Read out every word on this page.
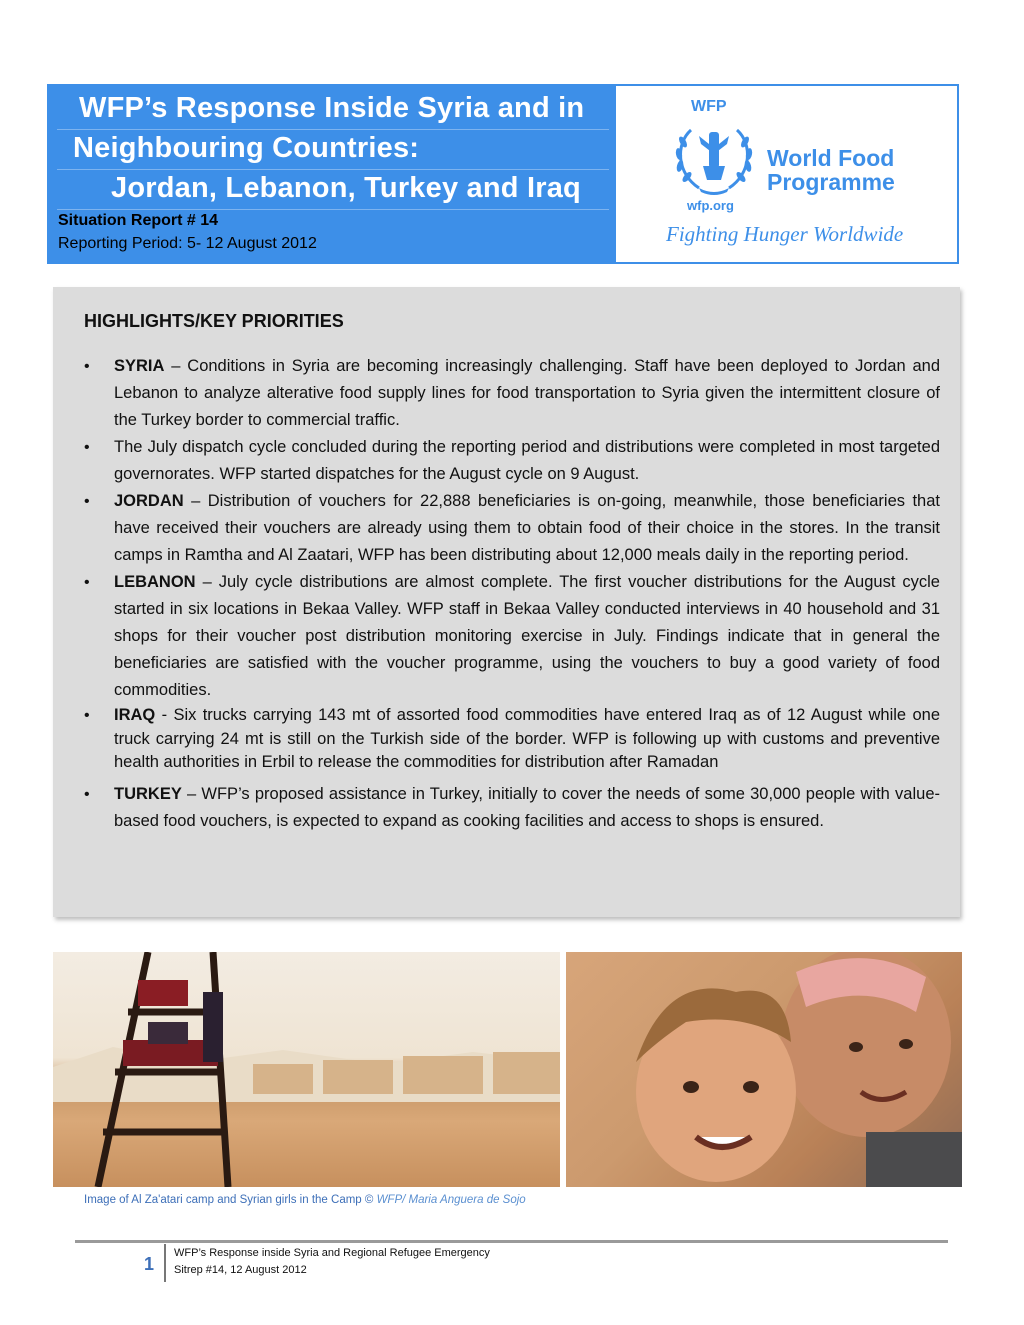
WFP’s Response Inside Syria and in
Neighbouring Countries:
Jordan, Lebanon, Turkey and Iraq
Situation Report # 14
Reporting Period: 5- 12 August 2012
WFP
wfp.org
World Food
Programme
Fighting Hunger Worldwide
HIGHLIGHTS/KEY PRIORITIES
• SYRIA – Conditions in Syria are becoming increasingly challenging. Staff have been deployed to Jordan and Lebanon to analyze alterative food supply lines for food transportation to Syria given the intermittent closure of the Turkey border to commercial traffic.
• The July dispatch cycle concluded during the reporting period and distributions were completed in most targeted governorates. WFP started dispatches for the August cycle on 9 August.
• JORDAN – Distribution of vouchers for 22,888 beneficiaries is on-going, meanwhile, those beneficiaries that have received their vouchers are already using them to obtain food of their choice in the stores. In the transit camps in Ramtha and Al Zaatari, WFP has been distributing about 12,000 meals daily in the reporting period.
• LEBANON – July cycle distributions are almost complete. The first voucher distributions for the August cycle started in six locations in Bekaa Valley. WFP staff in Bekaa Valley conducted interviews in 40 household and 31 shops for their voucher post distribution monitoring exercise in July. Findings indicate that in general the beneficiaries are satisfied with the voucher programme, using the vouchers to buy a good variety of food commodities.
• IRAQ - Six trucks carrying 143 mt of assorted food commodities have entered Iraq as of 12 August while one truck carrying 24 mt is still on the Turkish side of the border. WFP is following up with customs and preventive health authorities in Erbil to release the commodities for distribution after Ramadan
• TURKEY – WFP’s proposed assistance in Turkey, initially to cover the needs of some 30,000 people with value-based food vouchers, is expected to expand as cooking facilities and access to shops is ensured.
Image of Al Za'atari camp and Syrian girls in the Camp © WFP/ Maria Anguera de Sojo
1
WFP’s Response inside Syria and Regional Refugee Emergency
Sitrep #14, 12 August 2012
